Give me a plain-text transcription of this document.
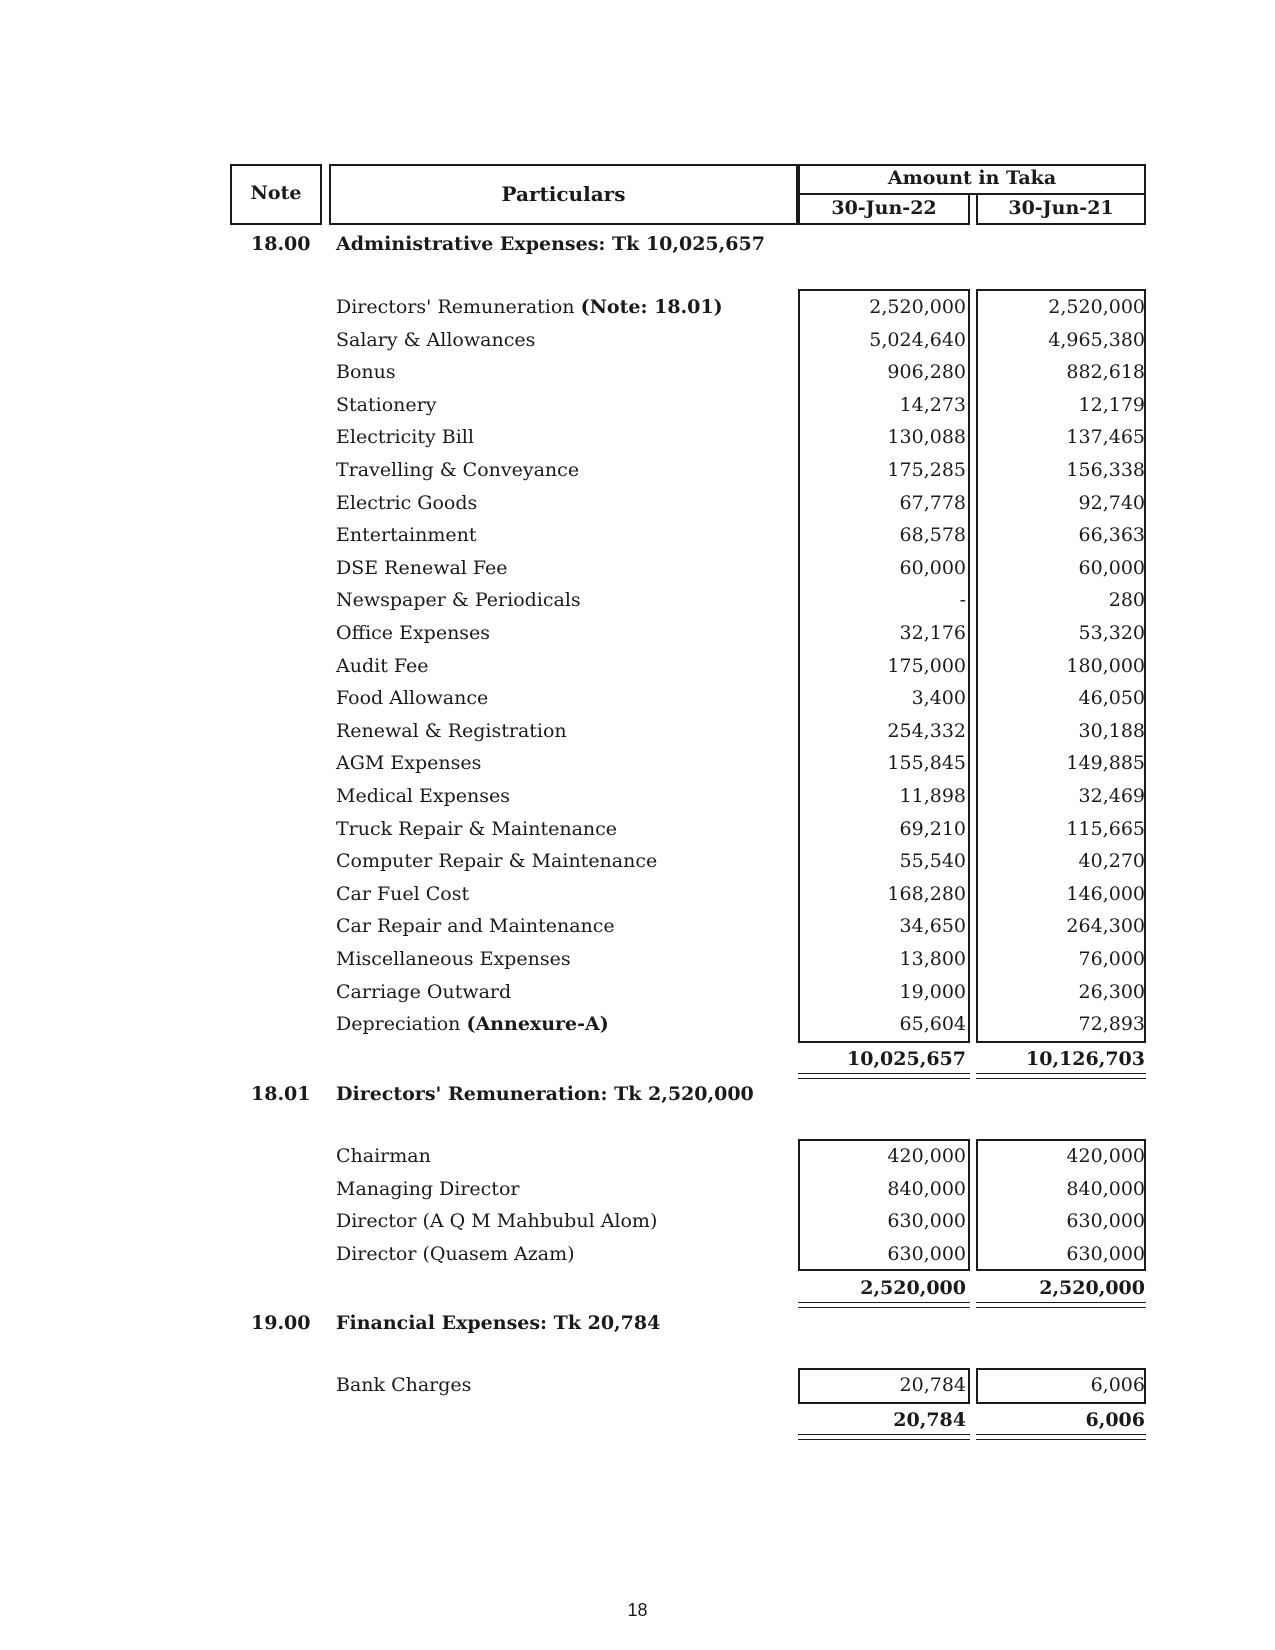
Note	Particulars
Amount in Taka
30-Jun-22	30-Jun-21
18.00	Administrative Expenses: Tk 10,025,657
Directors' Remuneration (Note: 18.01)	2,520,000	2,520,000
Salary & Allowances	5,024,640	4,965,380
Bonus	906,280	882,618
Stationery	14,273	12,179
Electricity Bill	130,088	137,465
Travelling & Conveyance	175,285	156,338
Electric Goods	67,778	92,740
Entertainment	68,578	66,363
DSE Renewal Fee	60,000	60,000
Newspaper & Periodicals	-	280
Office Expenses	32,176	53,320
Audit Fee	175,000	180,000
Food Allowance	3,400	46,050
Renewal & Registration	254,332	30,188
AGM Expenses	155,845	149,885
Medical Expenses	11,898	32,469
Truck Repair & Maintenance	69,210	115,665
Computer Repair & Maintenance	55,540	40,270
Car Fuel Cost	168,280	146,000
Car Repair and Maintenance	34,650	264,300
Miscellaneous Expenses	13,800	76,000
Carriage Outward	19,000	26,300
Depreciation (Annexure-A)	65,604	72,893
10,025,657	10,126,703
18.01	Directors' Remuneration: Tk 2,520,000
Chairman	420,000	420,000
Managing Director	840,000	840,000
Director (A Q M Mahbubul Alom)	630,000	630,000
Director (Quasem Azam)	630,000	630,000
2,520,000	2,520,000
19.00	Financial Expenses: Tk 20,784
Bank Charges	20,784	6,006
20,784	6,006
18
